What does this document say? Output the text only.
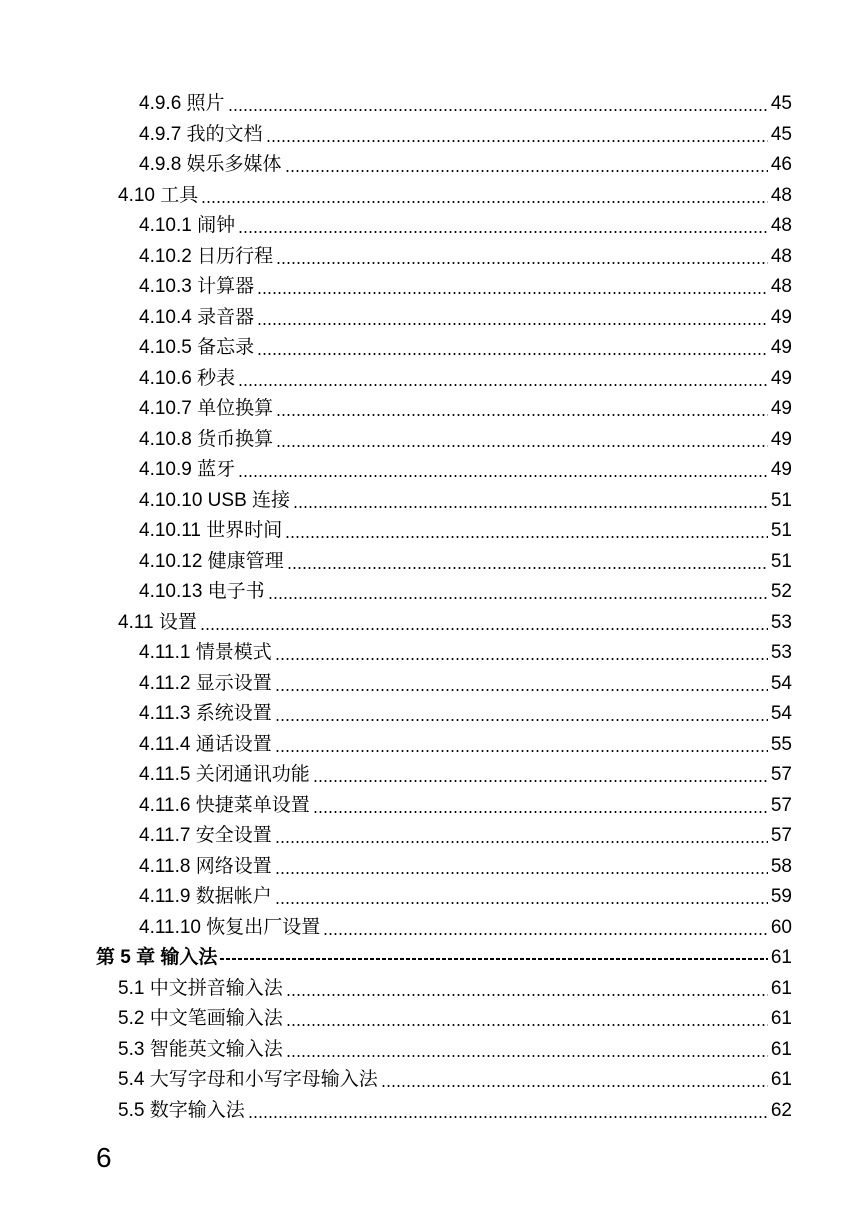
4.9.6 照片	45
4.9.7 我的文档	45
4.9.8 娱乐多媒体	46
4.10 工具	48
4.10.1 闹钟	48
4.10.2 日历行程	48
4.10.3 计算器	48
4.10.4 录音器	49
4.10.5 备忘录	49
4.10.6 秒表	49
4.10.7 单位换算	49
4.10.8 货币换算	49
4.10.9 蓝牙	49
4.10.10 USB 连接	51
4.10.11 世界时间	51
4.10.12 健康管理	51
4.10.13 电子书	52
4.11 设置	53
4.11.1 情景模式	53
4.11.2 显示设置	54
4.11.3 系统设置	54
4.11.4 通话设置	55
4.11.5 关闭通讯功能	57
4.11.6 快捷菜单设置	57
4.11.7 安全设置	57
4.11.8 网络设置	58
4.11.9 数据帐户	59
4.11.10 恢复出厂设置	60
第 5 章 输入法	61
5.1 中文拼音输入法	61
5.2 中文笔画输入法	61
5.3 智能英文输入法	61
5.4 大写字母和小写字母输入法	61
5.5 数字输入法	62
6
